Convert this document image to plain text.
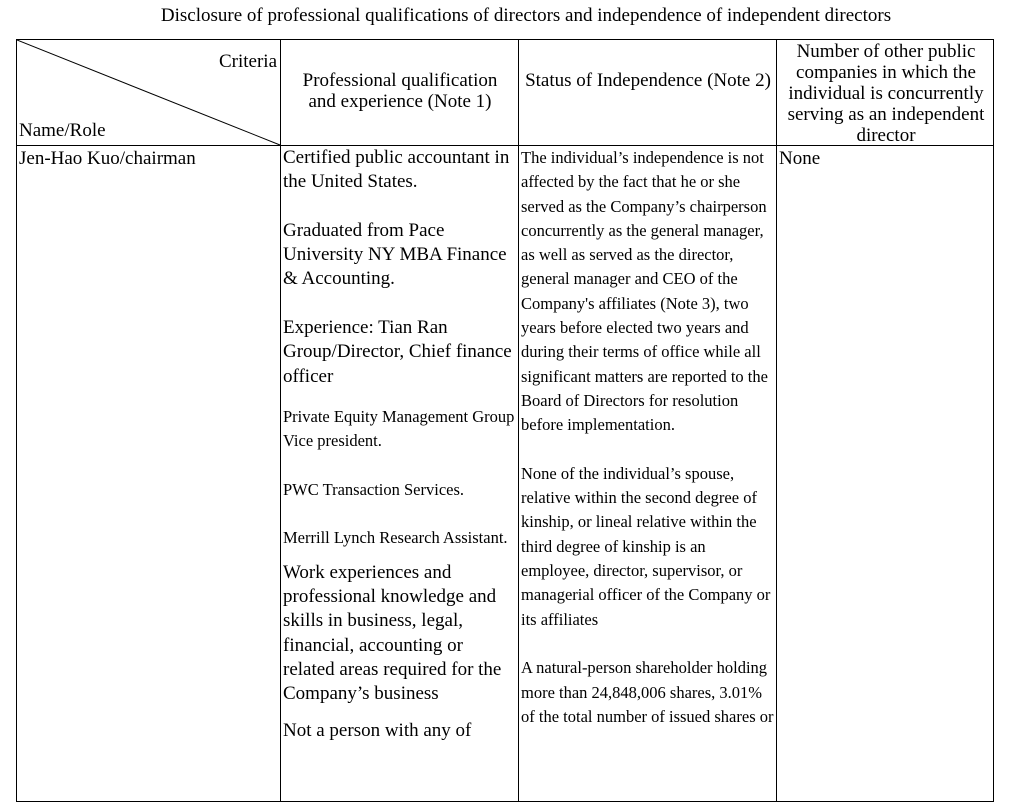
Disclosure of professional qualifications of directors and independence of independent directors
Criteria
Name/Role
Professional qualification and experience (Note 1)
Status of Independence (Note 2)
Number of other public companies in which the individual is concurrently serving as an independent director
Jen-Hao Kuo/chairman	Certified public accountant in the United States.

Graduated from Pace University NY MBA Finance & Accounting.

Experience: Tian Ran Group/Director, Chief finance officer

Private Equity Management Group Vice president.

PWC Transaction Services.

Merrill Lynch Research Assistant.

Work experiences and professional knowledge and skills in business, legal, financial, accounting or related areas required for the Company’s business

Not a person with any of

The individual’s independence is not affected by the fact that he or she served as the Company’s chairperson concurrently as the general manager, as well as served as the director, general manager and CEO of the Company's affiliates (Note 3), two years before elected two years and during their terms of office while all significant matters are reported to the Board of Directors for resolution before implementation.

None of the individual’s spouse, relative within the second degree of kinship, or lineal relative within the third degree of kinship is an employee, director, supervisor, or managerial officer of the Company or its affiliates

A natural-person shareholder holding more than 24,848,006 shares, 3.01% of the total number of issued shares or

None
